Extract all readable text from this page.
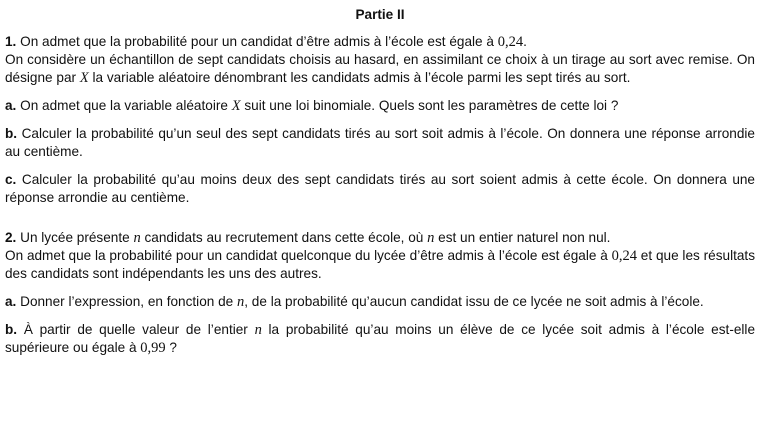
Partie II

1. On admet que la probabilité pour un candidat d’être admis à l’école est égale à 0,24.

On considère un échantillon de sept candidats choisis au hasard, en assimilant ce choix à un tirage au sort avec remise. On désigne par X la variable aléatoire dénombrant les candidats admis à l’école parmi les sept tirés au sort.

a. On admet que la variable aléatoire X suit une loi binomiale. Quels sont les paramètres de cette loi ?

b. Calculer la probabilité qu’un seul des sept candidats tirés au sort soit admis à l’école. On donnera une réponse arrondie au centième.

c. Calculer la probabilité qu’au moins deux des sept candidats tirés au sort soient admis à cette école. On donnera une réponse arrondie au centième.

2. Un lycée présente n candidats au recrutement dans cette école, où n est un entier naturel non nul.

On admet que la probabilité pour un candidat quelconque du lycée d’être admis à l’école est égale à 0,24 et que les résultats des candidats sont indépendants les uns des autres.

a. Donner l’expression, en fonction de n, de la probabilité qu’aucun candidat issu de ce lycée ne soit admis à l’école.

b. À partir de quelle valeur de l’entier n la probabilité qu’au moins un élève de ce lycée soit admis à l’école est-elle supérieure ou égale à 0,99 ?
